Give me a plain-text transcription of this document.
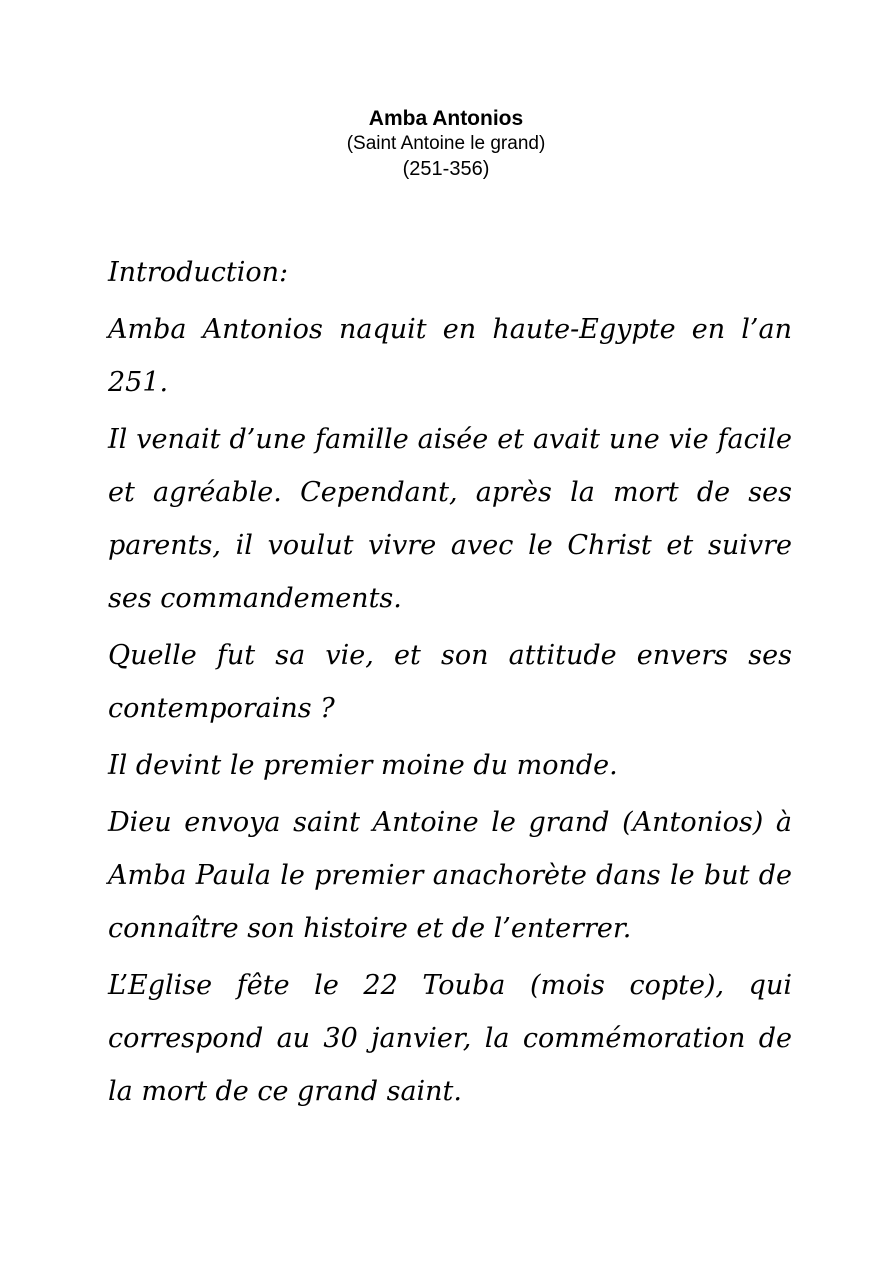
Amba Antonios

(Saint Antoine le grand)

(251-356)

Introduction:

Amba Antonios naquit en haute-Egypte en l’an 251.

Il venait d’une famille aisée et avait une vie facile et agréable. Cependant, après la mort de ses parents, il voulut vivre avec le Christ et suivre ses commandements.

Quelle fut sa vie, et son attitude envers ses contemporains ?

Il devint le premier moine du monde.

Dieu envoya saint Antoine le grand (Antonios) à Amba Paula le premier anachorète dans le but de connaître son histoire et de l’enterrer.

L’Eglise fête le 22 Touba (mois copte), qui correspond au 30 janvier, la commémoration de la mort de ce grand saint.
